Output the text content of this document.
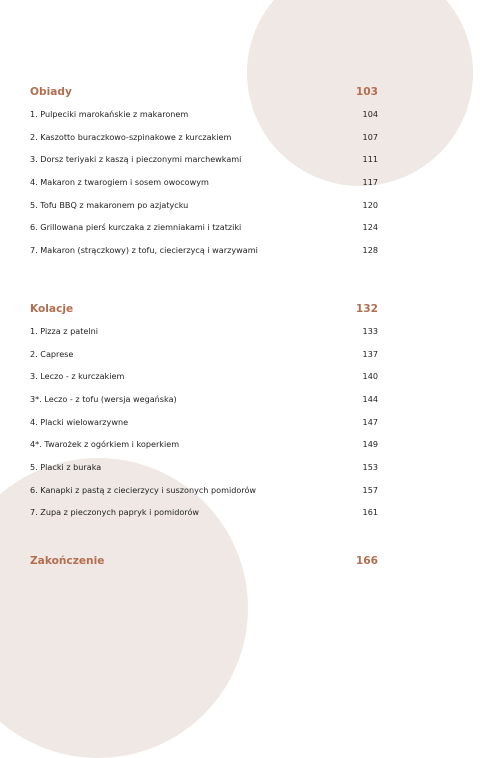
Obiady	103
1. Pulpeciki marokańskie z makaronem	104
2. Kaszotto buraczkowo-szpinakowe z kurczakiem	107
3. Dorsz teriyaki z kaszą i pieczonymi marchewkami	111
4. Makaron z twarogiem i sosem owocowym	117
5. Tofu BBQ z makaronem po azjatycku	120
6. Grillowana pierś kurczaka z ziemniakami i tzatziki	124
7. Makaron (strączkowy) z tofu, ciecierzycą i warzywami	128
Kolacje	132
1. Pizza z patelni	133
2. Caprese	137
3. Leczo - z kurczakiem	140
3*. Leczo - z tofu (wersja wegańska)	144
4. Placki wielowarzywne	147
4*. Twarożek z ogórkiem i koperkiem	149
5. Placki z buraka	153
6. Kanapki z pastą z ciecierzycy i suszonych pomidorów	157
7. Zupa z pieczonych papryk i pomidorów	161
Zakończenie	166
